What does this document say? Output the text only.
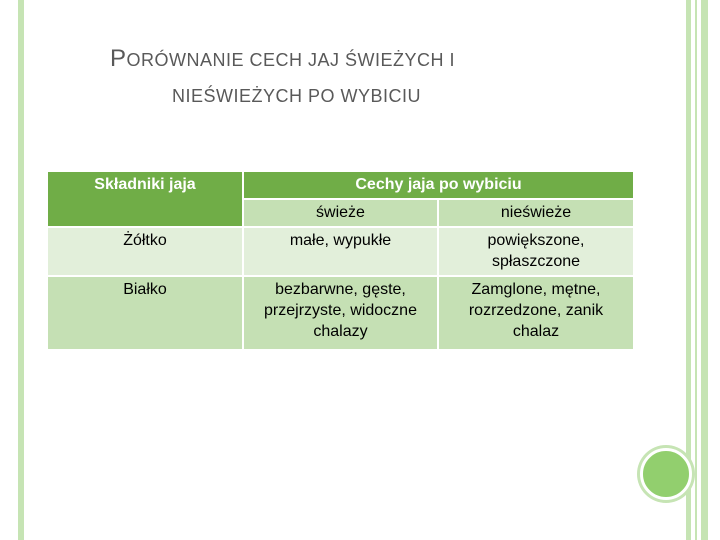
PORÓWNANIE CECH JAJ ŚWIEŻYCH I
NIEŚWIEŻYCH PO WYBICIU
Składniki jaja	Cechy jaja po wybiciu	
	świeże	nieświeże
Żółtko	małe, wypukłe	powiększone, spłaszczone
Białko	bezbarwne, gęste, przejrzyste, widoczne chalazy	Zamglone, mętne, rozrzedzone, zanik chalaz
